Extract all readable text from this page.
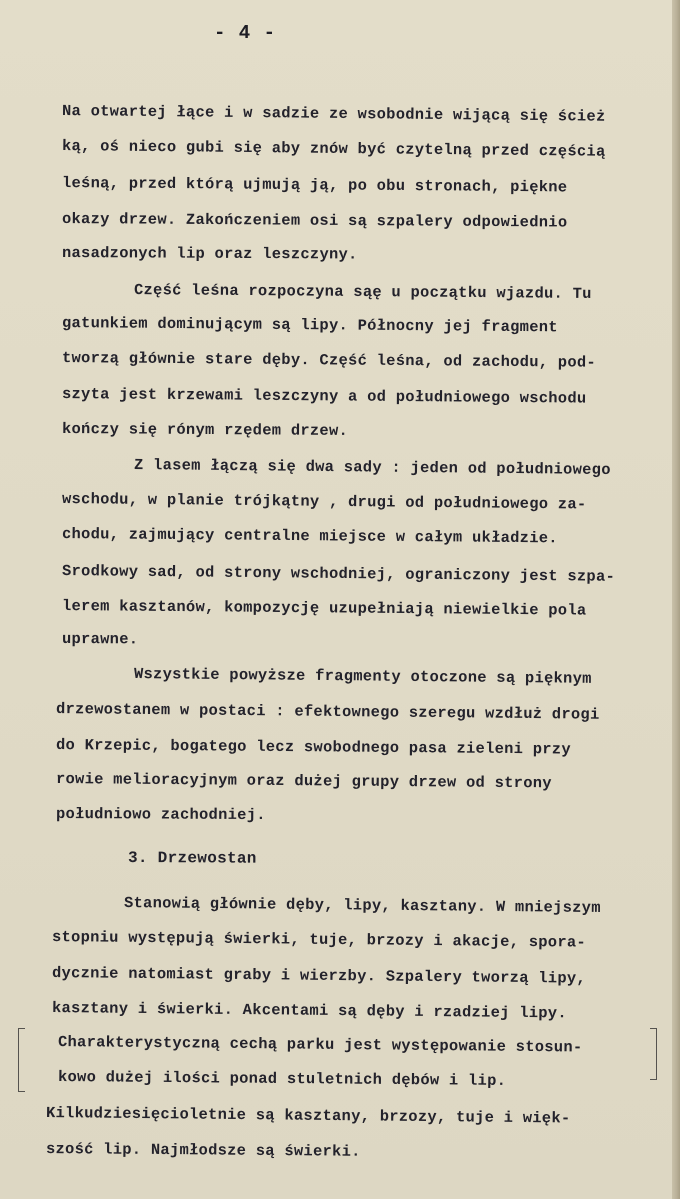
- 4 -
Na otwartej łące i w sadzie ze wsobodnie wijącą się ścież
ką, oś nieco gubi się aby znów być czytelną przed częścią
leśną, przed którą ujmują ją, po obu stronach, piękne
okazy drzew. Zakończeniem osi są szpalery odpowiednio
nasadzonych lip oraz leszczyny.
Część leśna rozpoczyna sąę u początku wjazdu. Tu
gatunkiem dominującym są lipy. Północny jej fragment
tworzą głównie stare dęby. Część leśna, od zachodu, pod-
szyta jest krzewami leszczyny a od południowego wschodu
kończy się rónym rzędem drzew.
Z lasem łączą się dwa sady : jeden od południowego
wschodu, w planie trójkątny , drugi od południowego za-
chodu, zajmujący centralne miejsce w całym układzie.
Srodkowy sad, od strony wschodniej, ograniczony jest szpa-
lerem kasztanów, kompozycję uzupełniają niewielkie pola
uprawne.
Wszystkie powyższe fragmenty otoczone są pięknym
drzewostanem w postaci : efektownego szeregu wzdłuż drogi
do Krzepic, bogatego lecz swobodnego pasa zieleni przy
rowie melioracyjnym oraz dużej grupy drzew od strony
południowo zachodniej.
3. Drzewostan
Stanowią głównie dęby, lipy, kasztany. W mniejszym
stopniu występują świerki, tuje, brzozy i akacje, spora-
dycznie natomiast graby i wierzby. Szpalery tworzą lipy,
kasztany i świerki. Akcentami są dęby i rzadziej lipy.
Charakterystyczną cechą parku jest występowanie stosun-
kowo dużej ilości ponad stuletnich dębów i lip.
Kilkudziesięcioletnie są kasztany, brzozy, tuje i więk-
szość lip. Najmłodsze są świerki.
